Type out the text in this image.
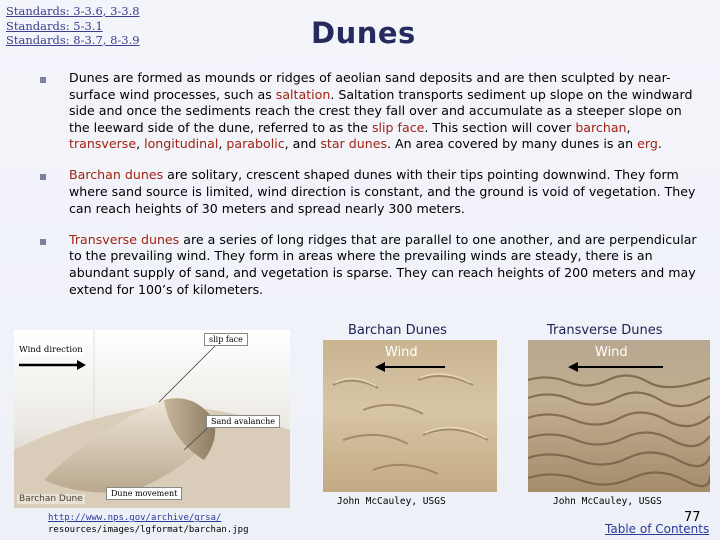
Standards: 3-3.6, 3-3.8
Standards: 5-3.1
Standards: 8-3.7, 8-3.9	Dunes
Dunes are formed as mounds or ridges of aeolian sand deposits and are then sculpted by near-surface wind processes, such as saltation. Saltation transports sediment up slope on the windward side and once the sediments reach the crest they fall over and accumulate as a steeper slope on the leeward side of the dune, referred to as the slip face. This section will cover barchan, transverse, longitudinal, parabolic, and star dunes. An area covered by many dunes is an erg.
Barchan dunes are solitary, crescent shaped dunes with their tips pointing downwind. They form where sand source is limited, wind direction is constant, and the ground is void of vegetation. They can reach heights of 30 meters and spread nearly 300 meters.
Transverse dunes are a series of long ridges that are parallel to one another, and are perpendicular to the prevailing wind. They form in areas where the prevailing winds are steady, there is an abundant supply of sand, and vegetation is sparse. They can reach heights of 200 meters and may extend for 100’s of kilometers.
Wind direction
slip face
Sand avalanche
Dune movement
Barchan Dune
http://www.nps.gov/archive/grsa/
resources/images/lgformat/barchan.jpg
Barchan Dunes
Wind
John McCauley, USGS
Transverse Dunes
Wind
John McCauley, USGS
77
Table of Contents
